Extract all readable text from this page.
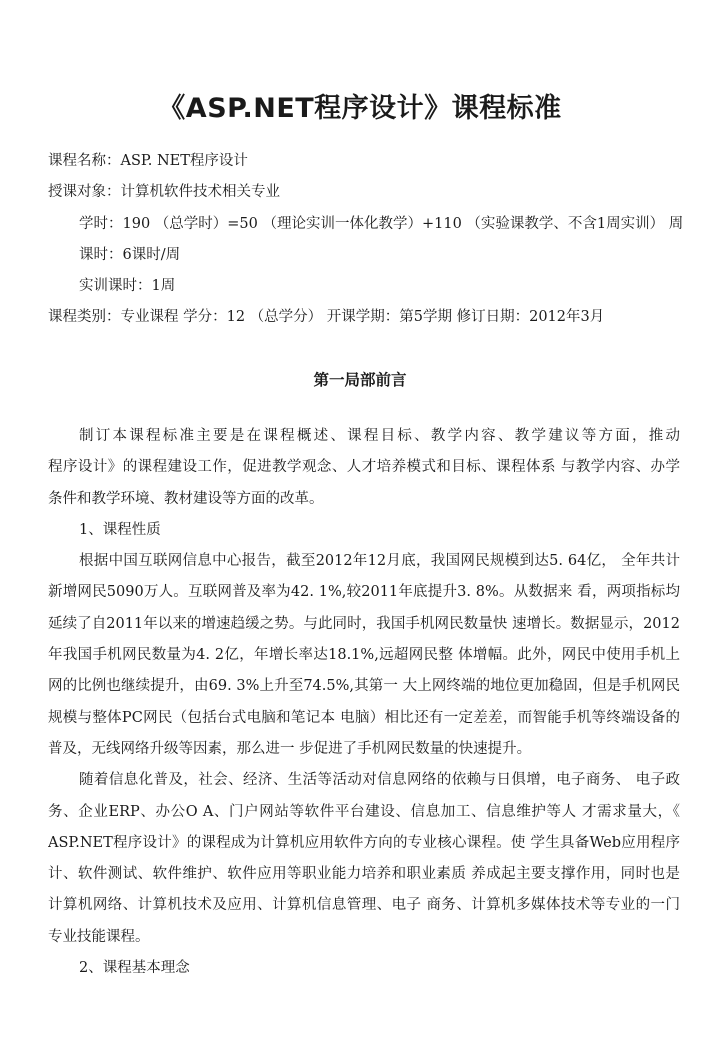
《ASP.NET程序设计》课程标准
课程名称：ASP. NET程序设计
授课对象：计算机软件技术相关专业
学时：190 （总学时）=50 （理论实训一体化教学）+110 （实验课教学、不含1周实训） 周
课时：6课时/周
实训课时：1周
课程类别：专业课程 学分：12 （总学分） 开课学期：第5学期 修订日期：2012年3月
第一局部前言
制订本课程标准主要是在课程概述、课程目标、教学内容、教学建议等方面，推动
程序设计》的课程建设工作，促进教学观念、人才培养模式和目标、课程体系 与教学内容、办学
条件和教学环境、教材建设等方面的改革。
1、课程性质
根据中国互联网信息中心报告，截至2012年12月底，我国网民规模到达5. 64亿， 全年共计
新增网民5090万人。互联网普及率为42. 1%,较2011年底提升3. 8%。从数据来 看，两项指标均
延续了自2011年以来的增速趋缓之势。与此同时，我国手机网民数量快 速增长。数据显示，2012
年我国手机网民数量为4. 2亿，年增长率达18.1%,远超网民整 体增幅。此外，网民中使用手机上
网的比例也继续提升，由69. 3%上升至74.5%,其第一 大上网终端的地位更加稳固，但是手机网民
规模与整体PC网民（包括台式电脑和笔记本 电脑）相比还有一定差差，而智能手机等终端设备的
普及，无线网络升级等因素，那么进一 步促进了手机网民数量的快速提升。
随着信息化普及，社会、经济、生活等活动对信息网络的依赖与日俱增，电子商务、 电子政
务、企业ERP、办公O A、门户网站等软件平台建设、信息加工、信息维护等人 才需求量大，《
ASP.NET程序设计》的课程成为计算机应用软件方向的专业核心课程。使 学生具备Web应用程序
计、软件测试、软件维护、软件应用等职业能力培养和职业素质 养成起主要支撑作用，同时也是
计算机网络、计算机技术及应用、计算机信息管理、电子 商务、计算机多媒体技术等专业的一门
专业技能课程。
2、课程基本理念
